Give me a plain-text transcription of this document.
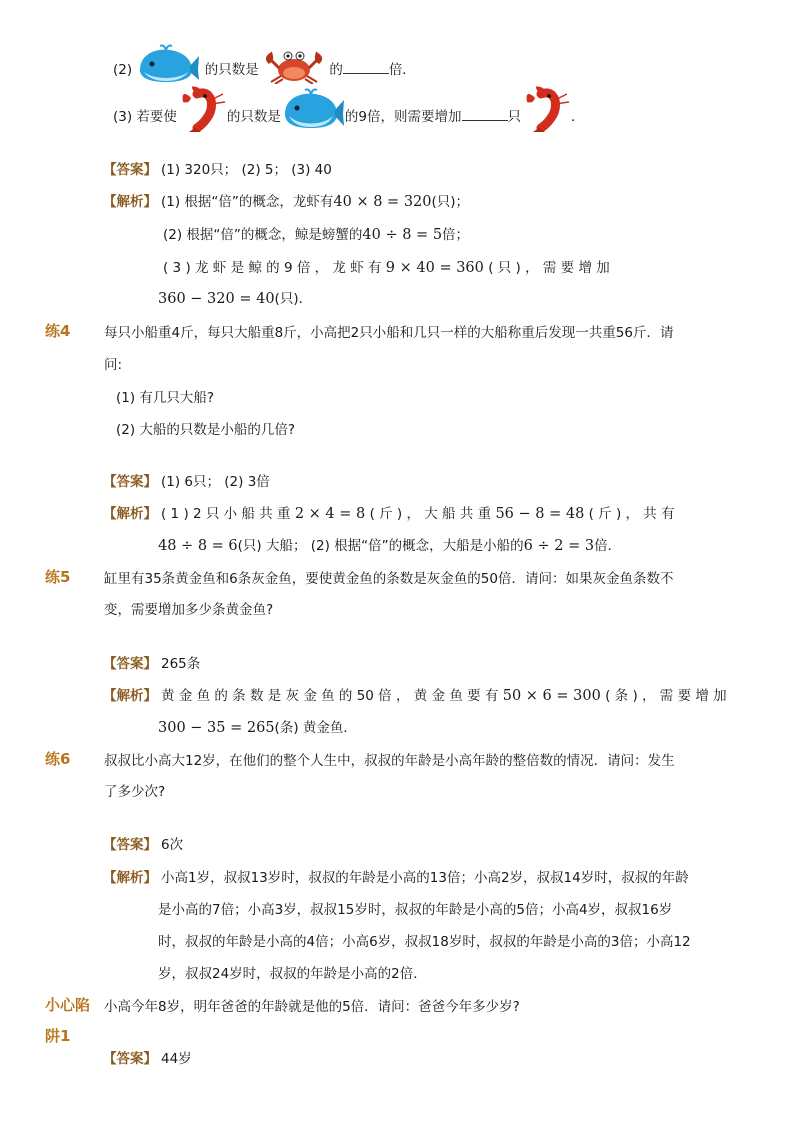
(2)	的只数是	的	倍．
(3) 若要使	的只数是	的9倍，则需要增加	只	．
【答案】 (1) 320只； (2) 5； (3) 40
【解析】 (1) 根据“倍”的概念，龙虾有40 × 8 = 320(只)；
(2) 根据“倍”的概念，鲸是螃蟹的40 ÷ 8 = 5倍；
( 3 ) 龙 虾 是 鲸 的 9 倍 ， 龙 虾 有 9 × 40 = 360 ( 只 ) ， 需 要 增 加
360 − 320 = 40(只)．
练4 每只小船重4斤，每只大船重8斤，小高把2只小船和几只一样的大船称重后发现一共重56斤．请
问:
(1) 有几只大船?
(2) 大船的只数是小船的几倍?
【答案】 (1) 6只； (2) 3倍
【解析】 ( 1 ) 2 只 小 船 共 重 2 × 4 = 8 ( 斤 ) ， 大 船 共 重 56 − 8 = 48 ( 斤 ) ， 共 有
48 ÷ 8 = 6(只) 大船； (2) 根据“倍”的概念，大船是小船的6 ÷ 2 = 3倍．
练5 缸里有35条黄金鱼和6条灰金鱼，要使黄金鱼的条数是灰金鱼的50倍．请问：如果灰金鱼条数不
变，需要增加多少条黄金鱼?
【答案】 265条
【解析】 黄 金 鱼 的 条 数 是 灰 金 鱼 的 50 倍 ， 黄 金 鱼 要 有 50 × 6 = 300 ( 条 ) ， 需 要 增 加
300 − 35 = 265(条) 黄金鱼．
练6 叔叔比小高大12岁，在他们的整个人生中，叔叔的年龄是小高年龄的整倍数的情况．请问：发生
了多少次?
【答案】 6次
【解析】 小高1岁，叔叔13岁时，叔叔的年龄是小高的13倍；小高2岁，叔叔14岁时，叔叔的年龄
是小高的7倍；小高3岁，叔叔15岁时，叔叔的年龄是小高的5倍；小高4岁，叔叔16岁
时，叔叔的年龄是小高的4倍；小高6岁，叔叔18岁时，叔叔的年龄是小高的3倍；小高12
岁，叔叔24岁时，叔叔的年龄是小高的2倍．
小心陷
阱1
小高今年8岁，明年爸爸的年龄就是他的5倍．请问：爸爸今年多少岁?
【答案】 44岁
